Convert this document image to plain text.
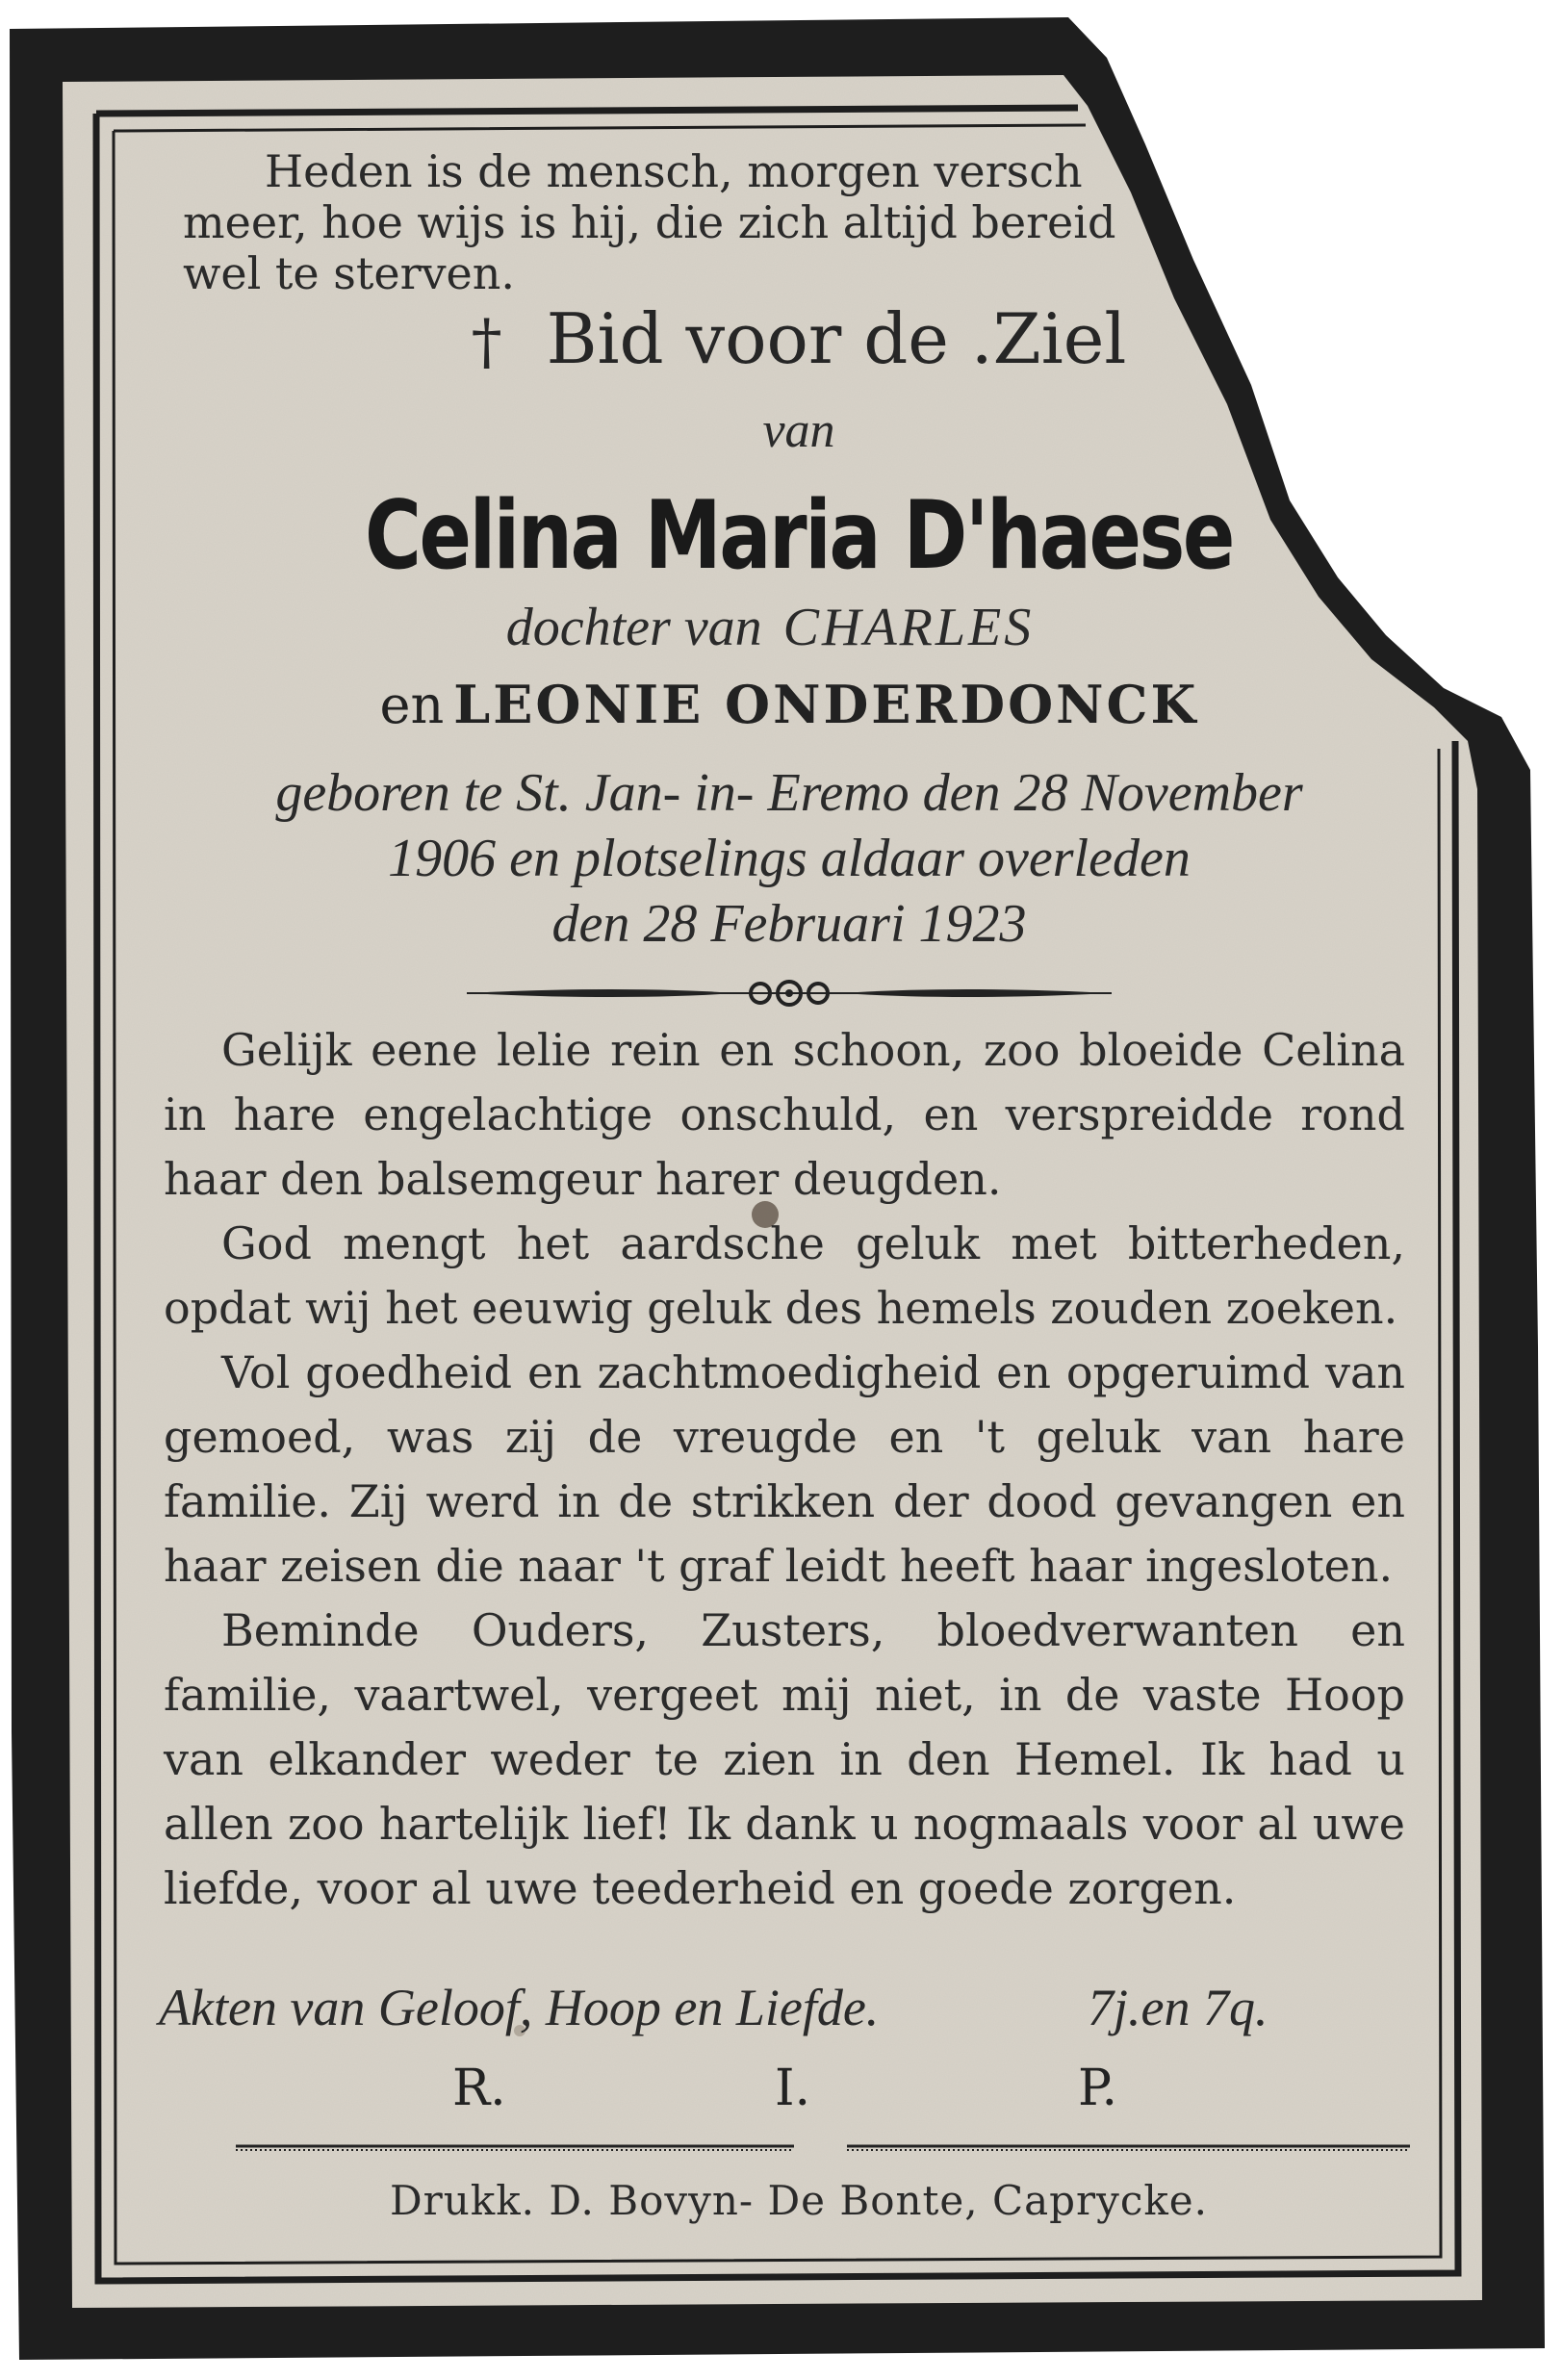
Heden is de mensch, morgen versch
meer, hoe wijs is hij, die zich altijd bereid
wel te sterven.
† Bid voor de .Ziel
van
Celina Maria D'haese
dochter van CHARLES
en LEONIE ONDERDONCK
geboren te St. Jan- in- Eremo den 28 November
1906 en plotselings aldaar overleden
den 28 Februari 1923

Gelijk eene lelie rein en schoon, zoo bloeide Celina in hare engelachtige onschuld, en verspreidde rond haar den balsemgeur harer deugden.

God mengt het aardsche geluk met bitterheden, opdat wij het eeuwig geluk des hemels zouden zoeken.

Vol goedheid en zachtmoedigheid en opgeruimd van gemoed, was zij de vreugde en 't geluk van hare familie. Zij werd in de strikken der dood gevangen en haar zeisen die naar 't graf leidt heeft haar ingesloten.

Beminde Ouders, Zusters, bloedverwanten en familie, vaartwel, vergeet mij niet, in de vaste Hoop van elkander weder te zien in den Hemel. Ik had u allen zoo hartelijk lief! Ik dank u nogmaals voor al uwe liefde, voor al uwe teederheid en goede zorgen.

Akten van Geloof, Hoop en Liefde.	7j.en 7q.
R.	I.	P.
Drukk. D. Bovyn- De Bonte, Caprycke.
